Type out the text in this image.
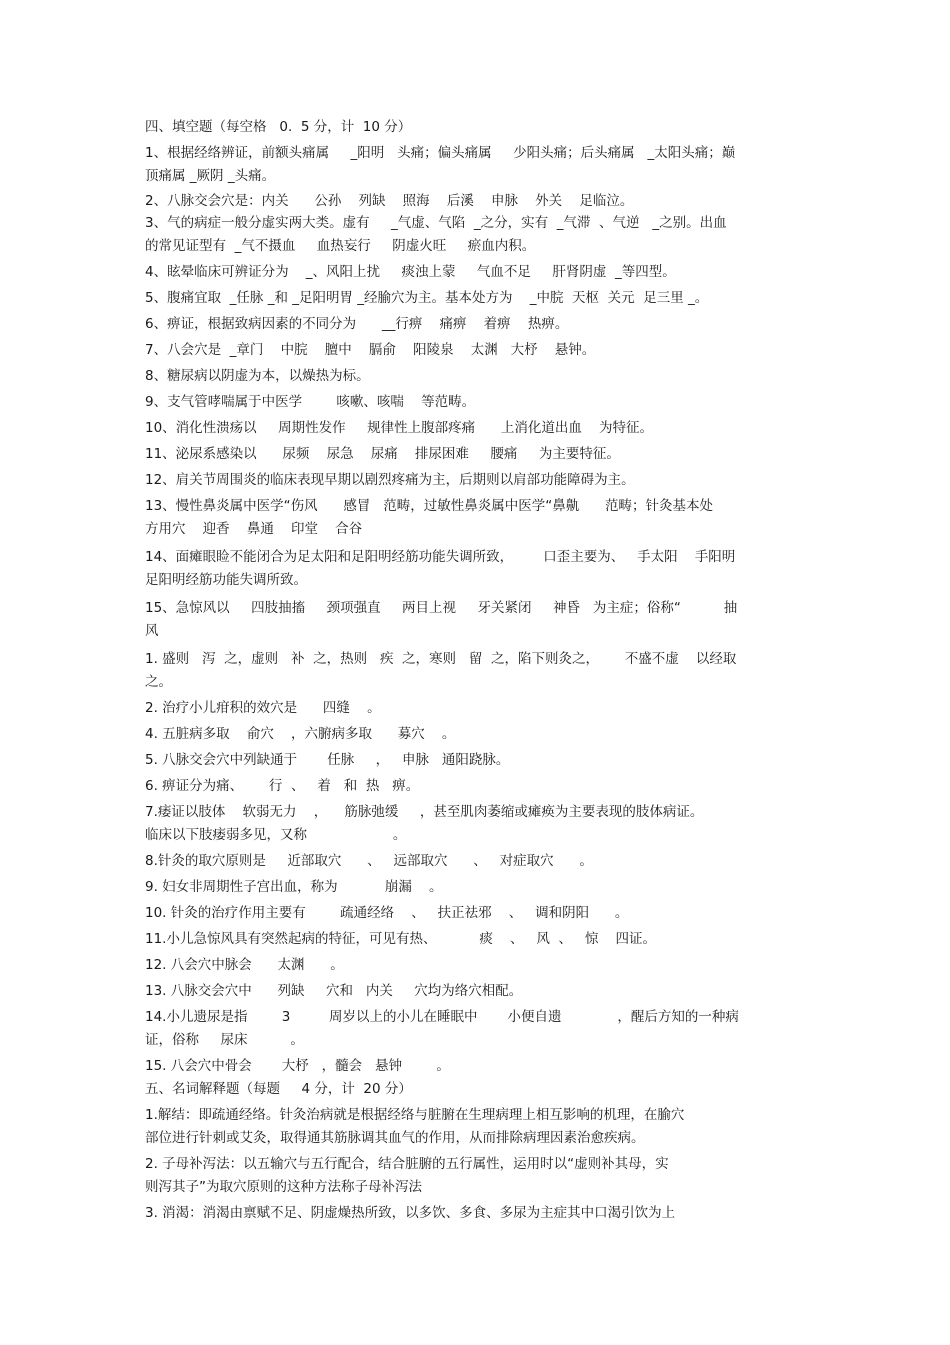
四、填空题（每空格   0.  5 分，计  10 分）
1、根据经络辨证，前额头痛属     _阳明   头痛；偏头痛属     少阳头痛；后头痛属   _太阳头痛；巅
顶痛属 _厥阴 _头痛。
2、八脉交会穴是：内关      公孙    列缺    照海    后溪    申脉    外关    足临泣。
3、气的病症一般分虚实两大类。虚有     _气虚、气陷  _之分，实有  _气滞  、气逆   _之别。出血
的常见证型有  _气不摄血     血热妄行     阴虚火旺     瘀血内积。
4、眩晕临床可辨证分为    _、风阳上扰     痰浊上蒙     气血不足     肝肾阴虚  _等四型。
5、腹痛宜取  _任脉 _和 _足阳明胃 _经腧穴为主。基本处方为    _中脘  天枢  关元  足三里 _。
6、痹证，根据致病因素的不同分为      __行痹    痛痹    着痹    热痹。
7、八会穴是  _章门    中脘    膻中    膈俞    阳陵泉    太渊   大杼    悬钟。
8、糖尿病以阴虚为本，以燥热为标。
9、支气管哮喘属于中医学        咳嗽、咳喘    等范畴。
10、消化性溃疡以     周期性发作     规律性上腹部疼痛      上消化道出血    为特征。
11、泌尿系感染以      尿频    尿急    尿痛    排尿困难     腰痛     为主要特征。
12、肩关节周围炎的临床表现早期以剧烈疼痛为主，后期则以肩部功能障碍为主。
13、慢性鼻炎属中医学“伤风      感冒   范畴，过敏性鼻炎属中医学“鼻鼽      范畴；针灸基本处
方用穴    迎香    鼻通    印堂    合谷
14、面瘫眼睑不能闭合为足太阳和足阳明经筋功能失调所致，       口歪主要为、   手太阳    手阳明
足阳明经筋功能失调所致。
15、急惊风以     四肢抽搐     颈项强直     两目上视     牙关紧闭     神昏   为主症；俗称“          抽
风
1. 盛则   泻  之，虚则   补  之，热则   疾  之，寒则   留  之，陷下则灸之，      不盛不虚    以经取
之。
2. 治疗小儿疳积的效穴是      四缝    。
4. 五脏病多取    俞穴    ，六腑病多取      募穴    。
5. 八脉交会穴中列缺通于       任脉     ，   申脉   通阳跷脉。
6. 痹证分为痛、      行  、   着   和  热   痹。
7.痿证以肢体    软弱无力    ，    筋脉弛缓     ，甚至肌肉萎缩或瘫痪为主要表现的肢体病证。
临床以下肢痿弱多见，又称                    。
8.针灸的取穴原则是     近部取穴      、   远部取穴      、   对症取穴      。
9. 妇女非周期性子宫出血，称为           崩漏    。
10. 针灸的治疗作用主要有        疏通经络    、   扶正祛邪    、   调和阴阳      。
11.小儿急惊风具有突然起病的特征，可见有热、          痰    、   风  、   惊    四证。
12. 八会穴中脉会      太渊      。
13. 八脉交会穴中      列缺     穴和   内关     穴均为络穴相配。
14.小儿遗尿是指        3         周岁以上的小儿在睡眠中       小便自遗             ，醒后方知的一种病
证，俗称     尿床          。
15. 八会穴中骨会       大杼   ，髓会   悬钟        。
五、名词解释题（每题     4 分，计  20 分）
1.解结：即疏通经络。针灸治病就是根据经络与脏腑在生理病理上相互影响的机理，在腧穴
部位进行针刺或艾灸，取得通其筋脉调其血气的作用，从而排除病理因素治愈疾病。
2. 子母补泻法：以五输穴与五行配合，结合脏腑的五行属性，运用时以“虚则补其母，实
则泻其子”为取穴原则的这种方法称子母补泻法
3. 消渴：消渴由禀赋不足、阴虚燥热所致，以多饮、多食、多尿为主症其中口渴引饮为上
